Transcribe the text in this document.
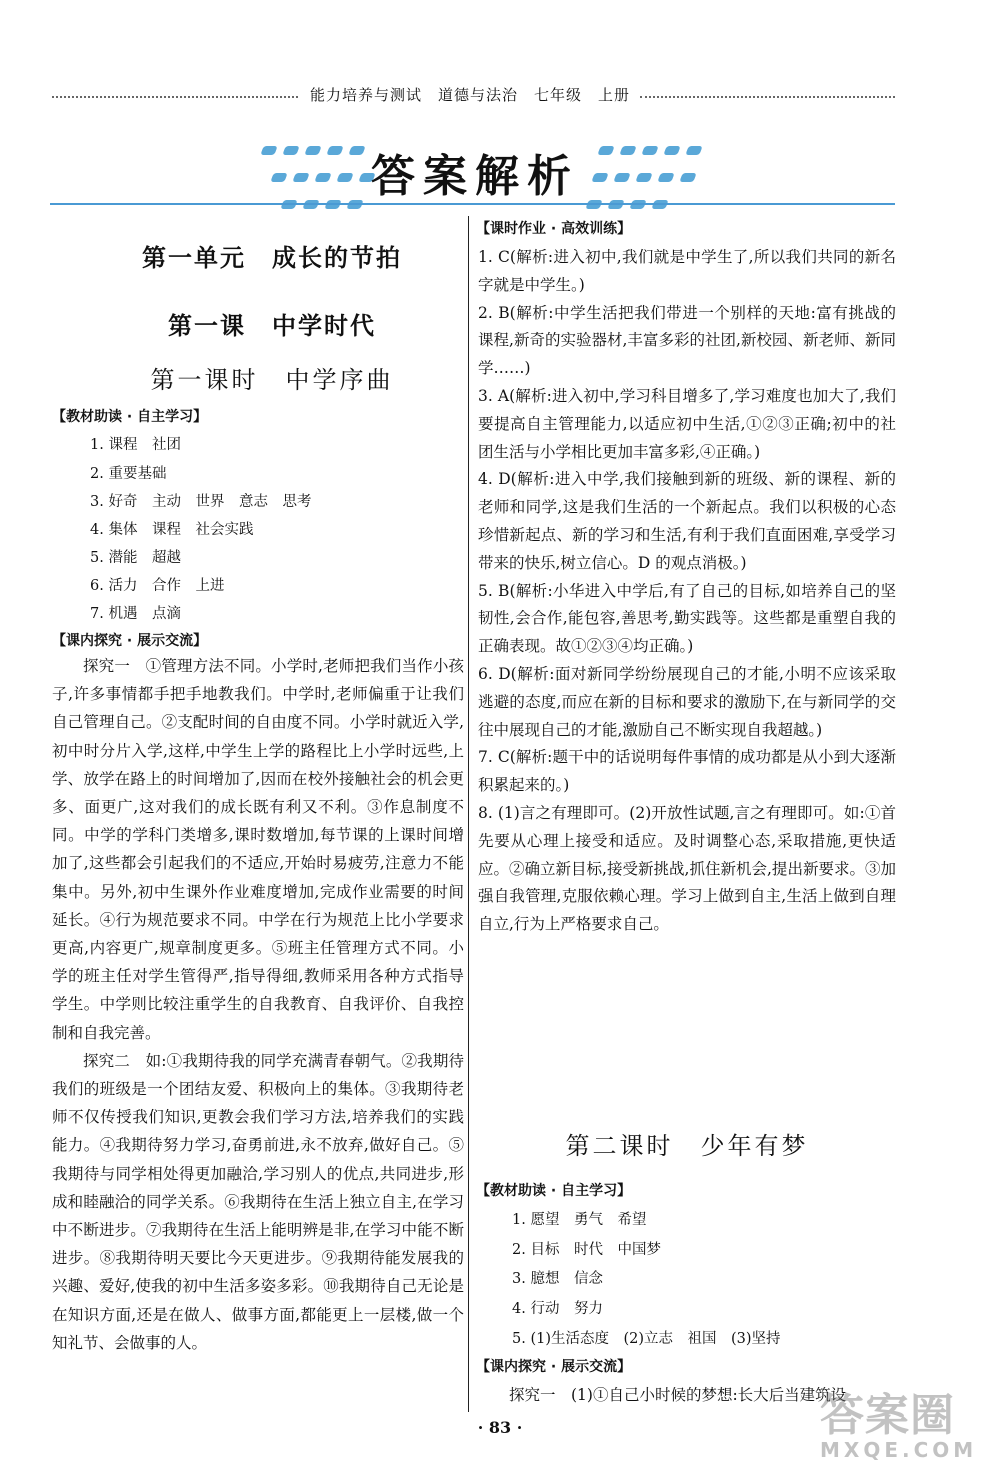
能力培养与测试　道德与法治　七年级　上册
答案解析
第一单元　成长的节拍
第一课　中学时代
第一课时　中学序曲
【教材助读 · 自主学习】
1. 课程　社团
2. 重要基础
3. 好奇　主动　世界　意志　思考
4. 集体　课程　社会实践
5. 潜能　超越
6. 活力　合作　上进
7. 机遇　点滴
【课内探究 · 展示交流】

探究一　①管理方法不同。小学时,老师把我们当作小孩子,许多事情都手把手地教我们。中学时,老师偏重于让我们自己管理自己。②支配时间的自由度不同。小学时就近入学,初中时分片入学,这样,中学生上学的路程比上小学时远些,上学、放学在路上的时间增加了,因而在校外接触社会的机会更多、面更广,这对我们的成长既有利又不利。③作息制度不同。中学的学科门类增多,课时数增加,每节课的上课时间增加了,这些都会引起我们的不适应,开始时易疲劳,注意力不能集中。另外,初中生课外作业难度增加,完成作业需要的时间延长。④行为规范要求不同。中学在行为规范上比小学要求更高,内容更广,规章制度更多。⑤班主任管理方式不同。小学的班主任对学生管得严,指导得细,教师采用各种方式指导学生。中学则比较注重学生的自我教育、自我评价、自我控制和自我完善。

探究二　如:①我期待我的同学充满青春朝气。②我期待我们的班级是一个团结友爱、积极向上的集体。③我期待老师不仅传授我们知识,更教会我们学习方法,培养我们的实践能力。④我期待努力学习,奋勇前进,永不放弃,做好自己。⑤我期待与同学相处得更加融洽,学习别人的优点,共同进步,形成和睦融洽的同学关系。⑥我期待在生活上独立自主,在学习中不断进步。⑦我期待在生活上能明辨是非,在学习中能不断进步。⑧我期待明天要比今天更进步。⑨我期待能发展我的兴趣、爱好,使我的初中生活多姿多彩。⑩我期待自己无论是在知识方面,还是在做人、做事方面,都能更上一层楼,做一个知礼节、会做事的人。

【课时作业 · 高效训练】

1. C(解析:进入初中,我们就是中学生了,所以我们共同的新名字就是中学生。)

2. B(解析:中学生活把我们带进一个别样的天地:富有挑战的课程,新奇的实验器材,丰富多彩的社团,新校园、新老师、新同学……)

3. A(解析:进入初中,学习科目增多了,学习难度也加大了,我们要提高自主管理能力,以适应初中生活,①②③正确;初中的社团生活与小学相比更加丰富多彩,④正确。)

4. D(解析:进入中学,我们接触到新的班级、新的课程、新的老师和同学,这是我们生活的一个新起点。我们以积极的心态珍惜新起点、新的学习和生活,有利于我们直面困难,享受学习带来的快乐,树立信心。D 的观点消极。)

5. B(解析:小华进入中学后,有了自己的目标,如培养自己的坚韧性,会合作,能包容,善思考,勤实践等。这些都是重塑自我的正确表现。故①②③④均正确。)

6. D(解析:面对新同学纷纷展现自己的才能,小明不应该采取逃避的态度,而应在新的目标和要求的激励下,在与新同学的交往中展现自己的才能,激励自己不断实现自我超越。)

7. C(解析:题干中的话说明每件事情的成功都是从小到大逐渐积累起来的。)

8. (1)言之有理即可。(2)开放性试题,言之有理即可。如:①首先要从心理上接受和适应。及时调整心态,采取措施,更快适应。②确立新目标,接受新挑战,抓住新机会,提出新要求。③加强自我管理,克服依赖心理。学习上做到自主,生活上做到自理自立,行为上严格要求自己。

第二课时　少年有梦
【教材助读 · 自主学习】
1. 愿望　勇气　希望
2. 目标　时代　中国梦
3. 臆想　信念
4. 行动　努力
5. (1)生活态度　(2)立志　祖国　(3)坚持
【课内探究 · 展示交流】

探究一　(1)①自己小时候的梦想:长大后当建筑设

· 83 ·	答案圈
MXQE.COM
